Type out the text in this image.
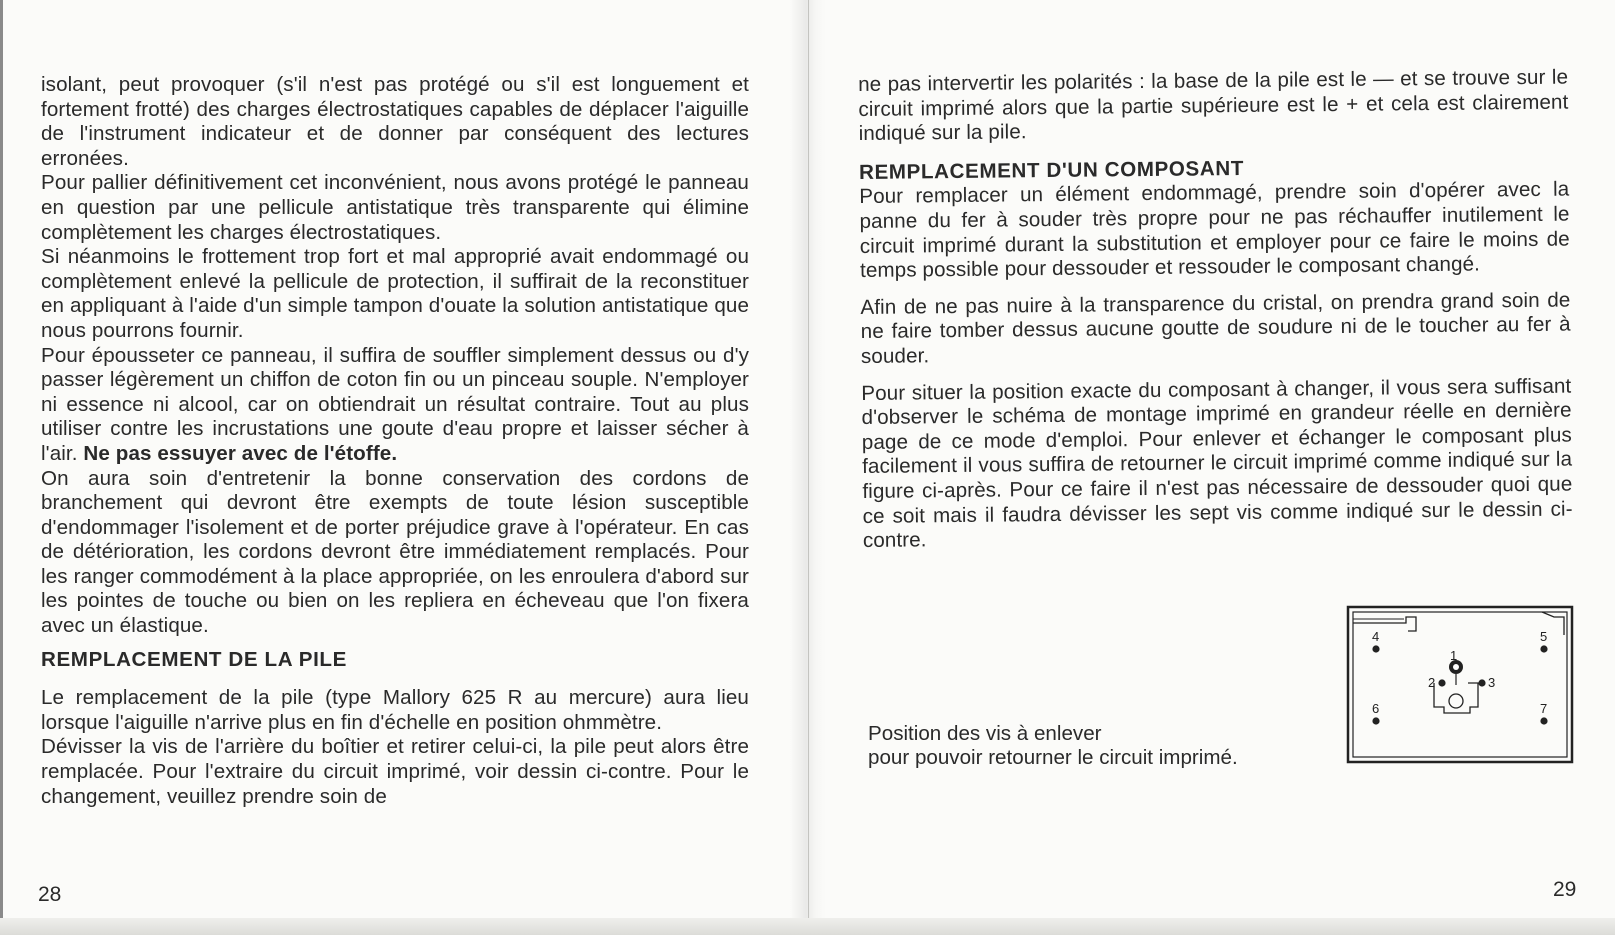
isolant, peut provoquer (s'il n'est pas protégé ou s'il est longuement et fortement frotté) des charges électrostatiques capables de déplacer l'aiguille de l'instrument indicateur et de donner par conséquent des lectures erronées.

Pour pallier définitivement cet inconvénient, nous avons protégé le panneau en question par une pellicule antistatique très transparente qui élimine complètement les charges électrostatiques.

Si néanmoins le frottement trop fort et mal approprié avait endommagé ou complètement enlevé la pellicule de protection, il suffirait de la reconstituer en appliquant à l'aide d'un simple tampon d'ouate la solution antistatique que nous pourrons fournir.

Pour épousseter ce panneau, il suffira de souffler simplement dessus ou d'y passer légèrement un chiffon de coton fin ou un pinceau souple. N'employer ni essence ni alcool, car on obtiendrait un résultat contraire. Tout au plus utiliser contre les incrustations une goute d'eau propre et laisser sécher à l'air. Ne pas essuyer avec de l'étoffe.

On aura soin d'entretenir la bonne conservation des cordons de branchement qui devront être exempts de toute lésion susceptible d'endommager l'isolement et de porter préjudice grave à l'opérateur. En cas de détérioration, les cordons devront être immédiatement remplacés. Pour les ranger commodément à la place appropriée, on les enroulera d'abord sur les pointes de touche ou bien on les repliera en écheveau que l'on fixera avec un élastique.

REMPLACEMENT DE LA PILE

Le remplacement de la pile (type Mallory 625 R au mercure) aura lieu lorsque l'aiguille n'arrive plus en fin d'échelle en position ohmmètre.

Dévisser la vis de l'arrière du boîtier et retirer celui-ci, la pile peut alors être remplacée. Pour l'extraire du circuit imprimé, voir dessin ci-contre. Pour le changement, veuillez prendre soin de

28

ne pas intervertir les polarités : la base de la pile est le — et se trouve sur le circuit imprimé alors que la partie supérieure est le + et cela est clairement indiqué sur la pile.

REMPLACEMENT D'UN COMPOSANT

Pour remplacer un élément endommagé, prendre soin d'opérer avec la panne du fer à souder très propre pour ne pas réchauffer inutilement le circuit imprimé durant la substitution et employer pour ce faire le moins de temps possible pour dessouder et ressouder le composant changé.

Afin de ne pas nuire à la transparence du cristal, on prendra grand soin de ne faire tomber dessus aucune goutte de soudure ni de le toucher au fer à souder.

Pour situer la position exacte du composant à changer, il vous sera suffisant d'observer le schéma de montage imprimé en grandeur réelle en dernière page de ce mode d'emploi. Pour enlever et échanger le composant plus facilement il vous suffira de retourner le circuit imprimé comme indiqué sur la figure ci-après. Pour ce faire il n'est pas nécessaire de dessouder quoi que ce soit mais il faudra dévisser les sept vis comme indiqué sur le dessin ci-contre.

Position des vis à enlever
pour pouvoir retourner le circuit imprimé.
1
2	3
4	5
6	7
29
